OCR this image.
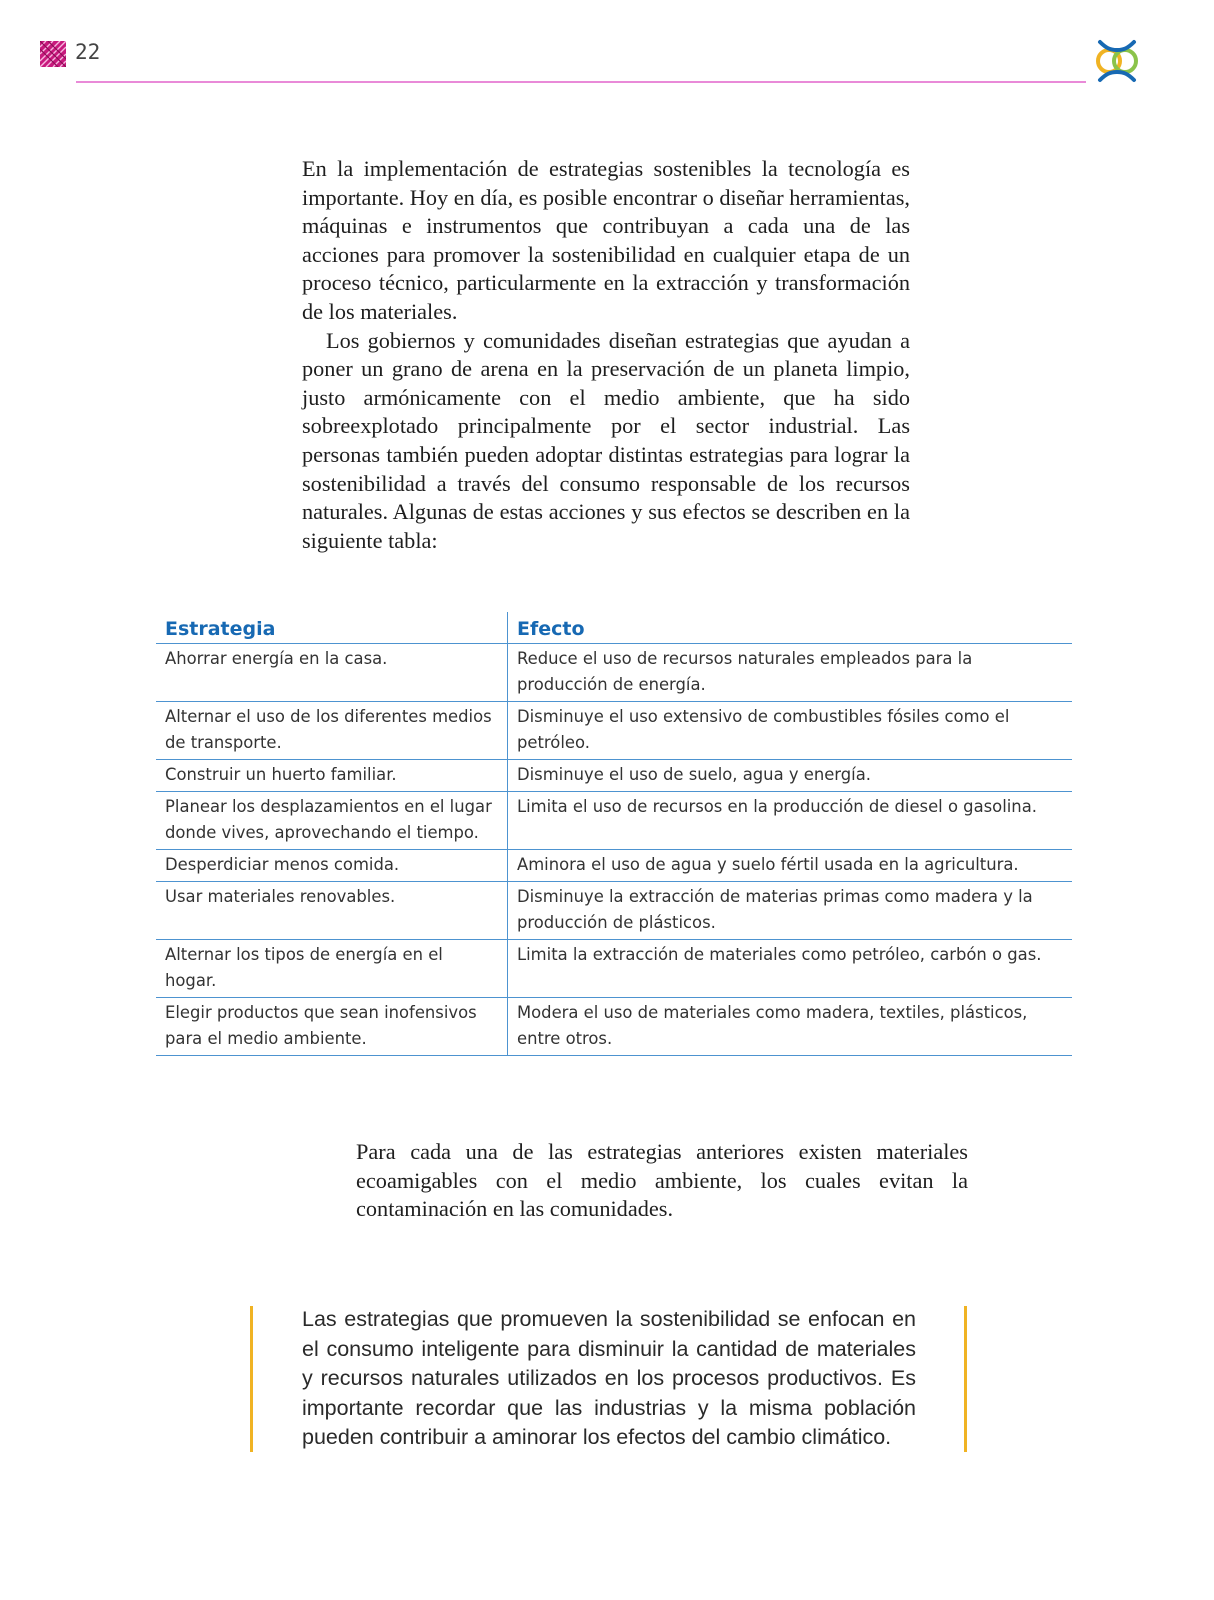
22

En la implementación de estrategias sostenibles la tecnología es importante. Hoy en día, es posible encontrar o diseñar herramientas, máquinas e instrumentos que contribuyan a cada una de las acciones para promover la sostenibilidad en cualquier etapa de un proceso técnico, particularmente en la extracción y transformación de los materiales.

Los gobiernos y comunidades diseñan estrategias que ayudan a poner un grano de arena en la preservación de un planeta limpio, justo armónicamente con el medio ambiente, que ha sido sobreexplotado principalmente por el sector industrial. Las personas también pueden adoptar distintas estrategias para lograr la sostenibilidad a través del consumo responsable de los recursos naturales. Algunas de estas acciones y sus efectos se describen en la siguiente tabla:

Estrategia	Efecto
Ahorrar energía en la casa.	Reduce el uso de recursos naturales empleados para la producción de energía.
Alternar el uso de los diferentes medios de transporte.	Disminuye el uso extensivo de combustibles fósiles como el petróleo.
Construir un huerto familiar.	Disminuye el uso de suelo, agua y energía.
Planear los desplazamientos en el lugar donde vives, aprovechando el tiempo.	Limita el uso de recursos en la producción de diesel o gasolina.
Desperdiciar menos comida.	Aminora el uso de agua y suelo fértil usada en la agricultura.
Usar materiales renovables.	Disminuye la extracción de materias primas como madera y la producción de plásticos.
Alternar los tipos de energía en el hogar.	Limita la extracción de materiales como petróleo, carbón o gas.
Elegir productos que sean inofensivos para el medio ambiente.	Modera el uso de materiales como madera, textiles, plásticos, entre otros.

Para cada una de las estrategias anteriores existen materiales ecoamigables con el medio ambiente, los cuales evitan la contaminación en las comunidades.

Las estrategias que promueven la sostenibilidad se enfocan en el consumo inteligente para disminuir la cantidad de materiales y recursos naturales utilizados en los procesos productivos. Es importante recordar que las industrias y la misma población pueden contribuir a aminorar los efectos del cambio climático.
